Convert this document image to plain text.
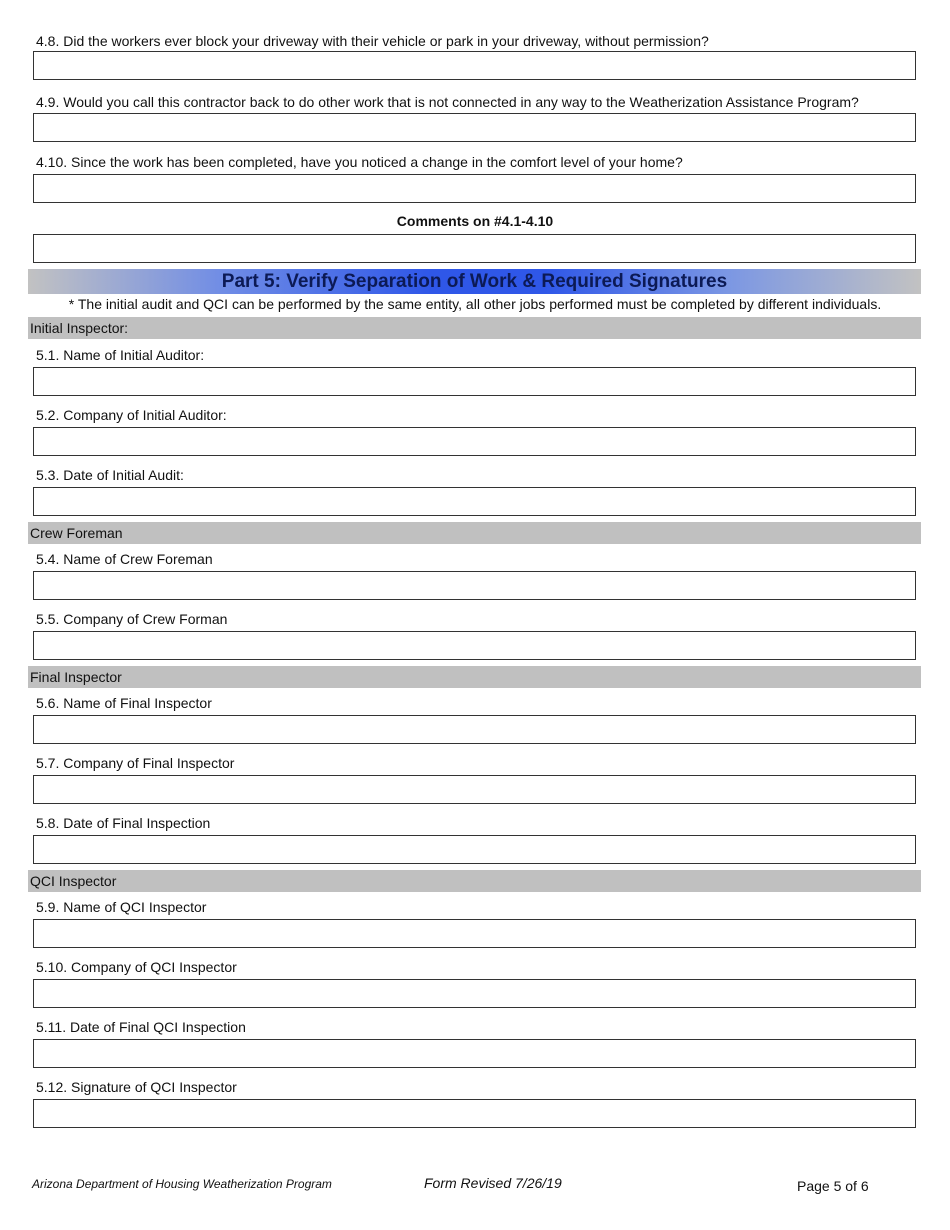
4.8. Did the workers ever block your driveway with their vehicle or park in your driveway, without permission?
4.9. Would you call this contractor back to do other work that is not connected in any way to the Weatherization Assistance Program?
4.10. Since the work has been completed, have you noticed a change in the comfort level of your home?
Comments on #4.1-4.10
Part 5: Verify Separation of Work & Required Signatures
* The initial audit and QCI can be performed by the same entity, all other jobs performed must be completed by different individuals.
Initial Inspector:
5.1. Name of Initial Auditor:
5.2. Company of Initial Auditor:
5.3. Date of Initial Audit:
Crew Foreman
5.4. Name of Crew Foreman
5.5. Company of Crew Forman
Final Inspector
5.6. Name of Final Inspector
5.7. Company of Final Inspector
5.8. Date of Final Inspection
QCI Inspector
5.9. Name of QCI Inspector
5.10. Company of QCI Inspector
5.11. Date of Final QCI Inspection
5.12. Signature of QCI Inspector
Arizona Department of Housing Weatherization Program	Form Revised 7/26/19	Page 5 of 6
